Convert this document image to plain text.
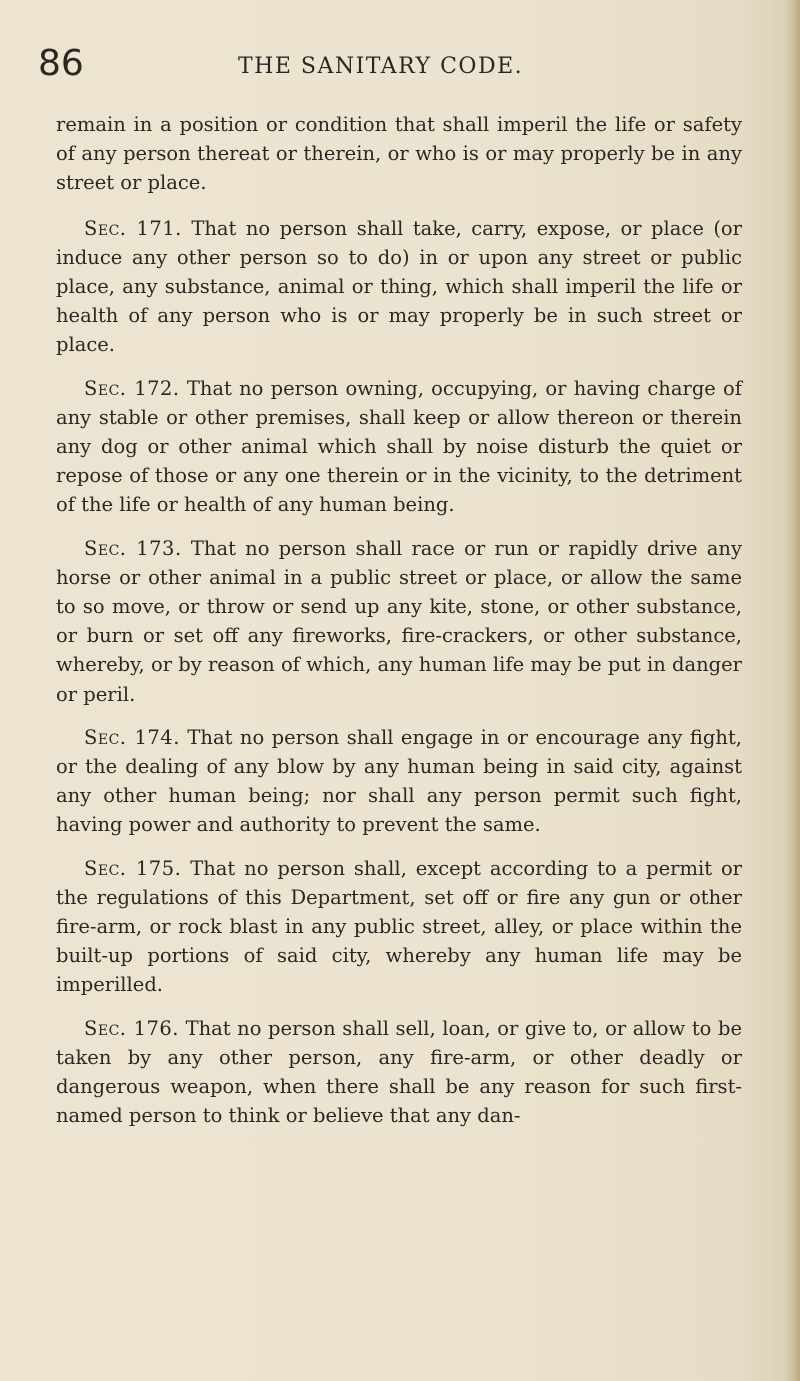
86	THE SANITARY CODE.

remain in a position or condition that shall imperil the life or safety of any person thereat or therein, or who is or may properly be in any street or place.

Sec. 171. That no person shall take, carry, expose, or place (or induce any other person so to do) in or upon any street or public place, any substance, animal or thing, which shall imperil the life or health of any person who is or may properly be in such street or place.

Sec. 172. That no person owning, occupying, or having charge of any stable or other premises, shall keep or allow thereon or therein any dog or other animal which shall by noise disturb the quiet or repose of those or any one therein or in the vicinity, to the detriment of the life or health of any human being.

Sec. 173. That no person shall race or run or rapidly drive any horse or other animal in a public street or place, or allow the same to so move, or throw or send up any kite, stone, or other substance, or burn or set off any fireworks, fire-crackers, or other substance, whereby, or by reason of which, any human life may be put in danger or peril.

Sec. 174. That no person shall engage in or encourage any fight, or the dealing of any blow by any human being in said city, against any other human being; nor shall any person permit such fight, having power and authority to prevent the same.

Sec. 175. That no person shall, except according to a permit or the regulations of this Department, set off or fire any gun or other fire-arm, or rock blast in any public street, alley, or place within the built-up portions of said city, whereby any human life may be imperilled.

Sec. 176. That no person shall sell, loan, or give to, or allow to be taken by any other person, any fire-arm, or other deadly or dangerous weapon, when there shall be any reason for such first-named person to think or believe that any dan-
